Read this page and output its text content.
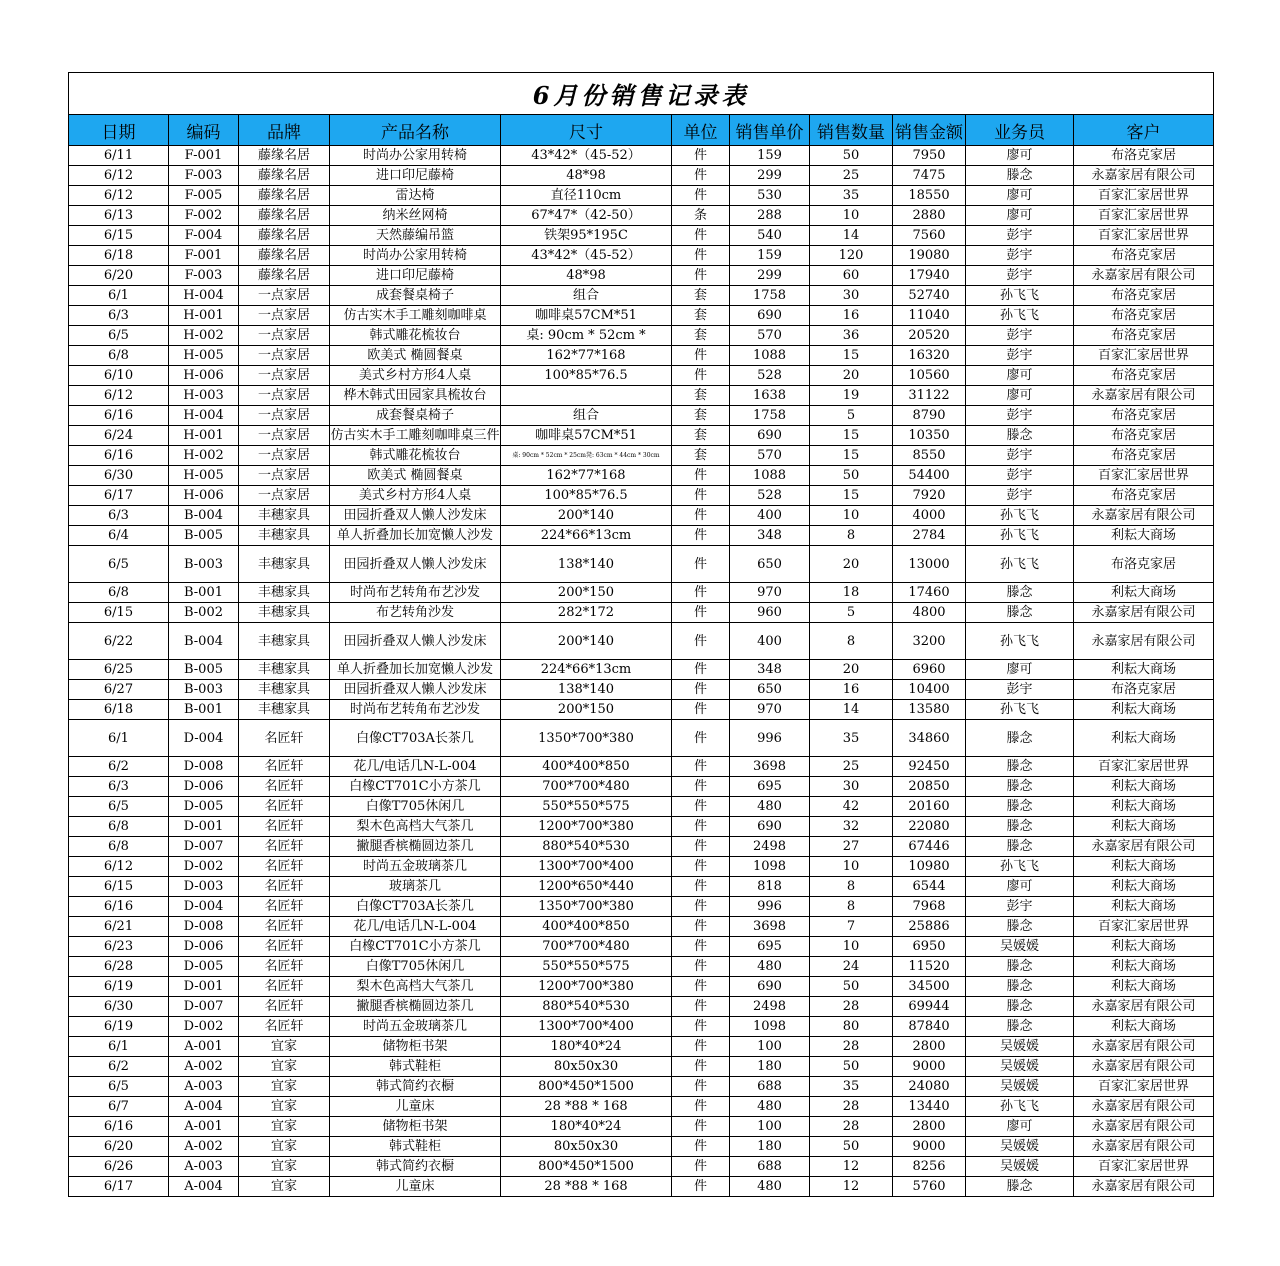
6月份销售记录表										
日期	编码	品牌	产品名称	尺寸	单位	销售单价	销售数量	销售金额	业务员	客户
6/11	F-001	藤缘名居	时尚办公家用转椅	43*42*（45-52）	件	159	50	7950	廖可	布洛克家居
6/12	F-003	藤缘名居	进口印尼藤椅	48*98	件	299	25	7475	滕念	永嘉家居有限公司
6/12	F-005	藤缘名居	雷达椅	直径110cm	件	530	35	18550	廖可	百家汇家居世界
6/13	F-002	藤缘名居	纳米丝网椅	67*47*（42-50）	条	288	10	2880	廖可	百家汇家居世界
6/15	F-004	藤缘名居	天然藤编吊篮	铁架95*195C	件	540	14	7560	彭宇	百家汇家居世界
6/18	F-001	藤缘名居	时尚办公家用转椅	43*42*（45-52）	件	159	120	19080	彭宇	布洛克家居
6/20	F-003	藤缘名居	进口印尼藤椅	48*98	件	299	60	17940	彭宇	永嘉家居有限公司
6/1	H-004	一点家居	成套餐桌椅子	组合	套	1758	30	52740	孙飞飞	布洛克家居
6/3	H-001	一点家居	仿古实木手工雕刻咖啡桌	咖啡桌57CM*51	套	690	16	11040	孙飞飞	布洛克家居
6/5	H-002	一点家居	韩式雕花梳妆台	桌: 90cm * 52cm *	套	570	36	20520	彭宇	布洛克家居
6/8	H-005	一点家居	欧美式 椭圆餐桌	162*77*168	件	1088	15	16320	彭宇	百家汇家居世界
6/10	H-006	一点家居	美式乡村方形4人桌	100*85*76.5	件	528	20	10560	廖可	布洛克家居
6/12	H-003	一点家居	桦木韩式田园家具梳妆台		套	1638	19	31122	廖可	永嘉家居有限公司
6/16	H-004	一点家居	成套餐桌椅子	组合	套	1758	5	8790	彭宇	布洛克家居
6/24	H-001	一点家居	仿古实木手工雕刻咖啡桌三件	咖啡桌57CM*51	套	690	15	10350	滕念	布洛克家居
6/16	H-002	一点家居	韩式雕花梳妆台	桌: 90cm * 52cm * 25cm凳: 63cm * 44cm * 30cm	套	570	15	8550	彭宇	布洛克家居
6/30	H-005	一点家居	欧美式 椭圆餐桌	162*77*168	件	1088	50	54400	彭宇	百家汇家居世界
6/17	H-006	一点家居	美式乡村方形4人桌	100*85*76.5	件	528	15	7920	彭宇	布洛克家居
6/3	B-004	丰穗家具	田园折叠双人懒人沙发床	200*140	件	400	10	4000	孙飞飞	永嘉家居有限公司
6/4	B-005	丰穗家具	单人折叠加长加宽懒人沙发	224*66*13cm	件	348	8	2784	孙飞飞	利耘大商场
6/5	B-003	丰穗家具	田园折叠双人懒人沙发床	138*140	件	650	20	13000	孙飞飞	布洛克家居
6/8	B-001	丰穗家具	时尚布艺转角布艺沙发	200*150	件	970	18	17460	滕念	利耘大商场
6/15	B-002	丰穗家具	布艺转角沙发	282*172	件	960	5	4800	滕念	永嘉家居有限公司
6/22	B-004	丰穗家具	田园折叠双人懒人沙发床	200*140	件	400	8	3200	孙飞飞	永嘉家居有限公司
6/25	B-005	丰穗家具	单人折叠加长加宽懒人沙发	224*66*13cm	件	348	20	6960	廖可	利耘大商场
6/27	B-003	丰穗家具	田园折叠双人懒人沙发床	138*140	件	650	16	10400	彭宇	布洛克家居
6/18	B-001	丰穗家具	时尚布艺转角布艺沙发	200*150	件	970	14	13580	孙飞飞	利耘大商场
6/1	D-004	名匠轩	白像CT703A长茶几	1350*700*380	件	996	35	34860	滕念	利耘大商场
6/2	D-008	名匠轩	花几/电话几N-L-004	400*400*850	件	3698	25	92450	滕念	百家汇家居世界
6/3	D-006	名匠轩	白橡CT701C小方茶几	700*700*480	件	695	30	20850	滕念	利耘大商场
6/5	D-005	名匠轩	白像T705休闲几	550*550*575	件	480	42	20160	滕念	利耘大商场
6/8	D-001	名匠轩	梨木色高档大气茶几	1200*700*380	件	690	32	22080	滕念	利耘大商场
6/8	D-007	名匠轩	撇腿香槟椭圆边茶几	880*540*530	件	2498	27	67446	滕念	永嘉家居有限公司
6/12	D-002	名匠轩	时尚五金玻璃茶几	1300*700*400	件	1098	10	10980	孙飞飞	利耘大商场
6/15	D-003	名匠轩	玻璃茶几	1200*650*440	件	818	8	6544	廖可	利耘大商场
6/16	D-004	名匠轩	白像CT703A长茶几	1350*700*380	件	996	8	7968	彭宇	利耘大商场
6/21	D-008	名匠轩	花几/电话几N-L-004	400*400*850	件	3698	7	25886	滕念	百家汇家居世界
6/23	D-006	名匠轩	白橡CT701C小方茶几	700*700*480	件	695	10	6950	吴媛媛	利耘大商场
6/28	D-005	名匠轩	白像T705休闲几	550*550*575	件	480	24	11520	滕念	利耘大商场
6/19	D-001	名匠轩	梨木色高档大气茶几	1200*700*380	件	690	50	34500	滕念	利耘大商场
6/30	D-007	名匠轩	撇腿香槟椭圆边茶几	880*540*530	件	2498	28	69944	滕念	永嘉家居有限公司
6/19	D-002	名匠轩	时尚五金玻璃茶几	1300*700*400	件	1098	80	87840	滕念	利耘大商场
6/1	A-001	宜家	储物柜书架	180*40*24	件	100	28	2800	吴媛媛	永嘉家居有限公司
6/2	A-002	宜家	韩式鞋柜	80x50x30	件	180	50	9000	吴媛媛	永嘉家居有限公司
6/5	A-003	宜家	韩式简约衣橱	800*450*1500	件	688	35	24080	吴媛媛	百家汇家居世界
6/7	A-004	宜家	儿童床	28 *88 * 168	件	480	28	13440	孙飞飞	永嘉家居有限公司
6/16	A-001	宜家	储物柜书架	180*40*24	件	100	28	2800	廖可	永嘉家居有限公司
6/20	A-002	宜家	韩式鞋柜	80x50x30	件	180	50	9000	吴媛媛	永嘉家居有限公司
6/26	A-003	宜家	韩式简约衣橱	800*450*1500	件	688	12	8256	吴媛媛	百家汇家居世界
6/17	A-004	宜家	儿童床	28 *88 * 168	件	480	12	5760	滕念	永嘉家居有限公司
